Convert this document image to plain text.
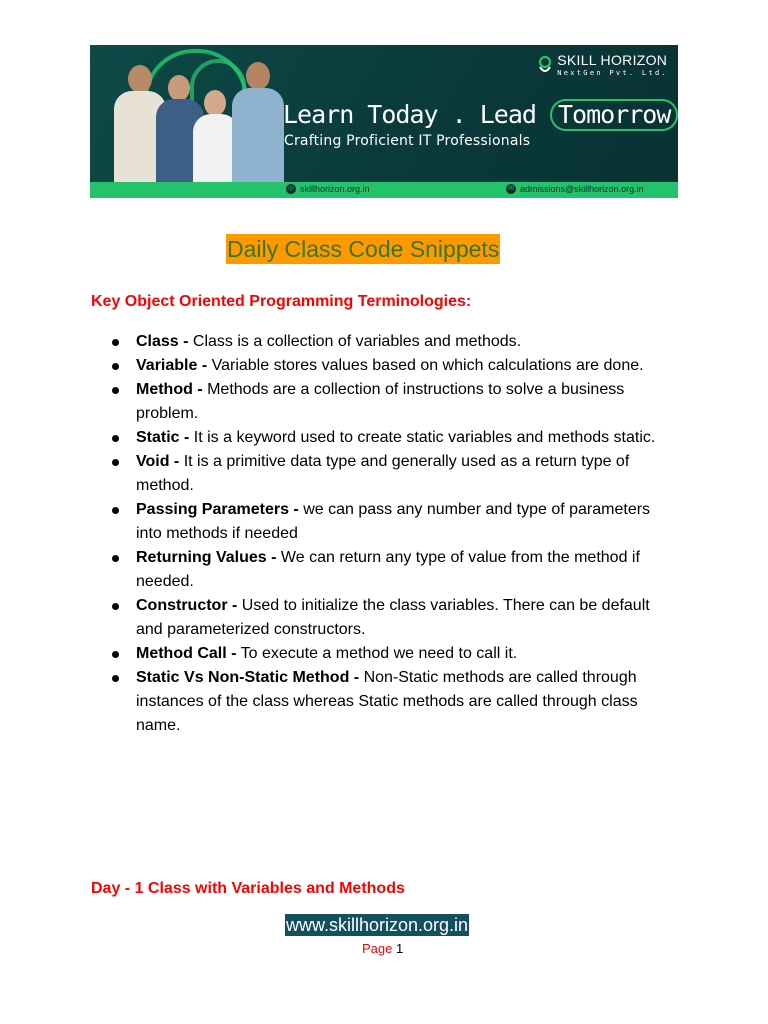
SKILL HORIZON
NextGen Pvt. Ltd.
Learn Today . Lead Tomorrow
Crafting Proficient IT Professionals
◎ skillhorizon.org.in	✉ admissions@skillhorizon.org.in
Daily Class Code Snippets
Key Object Oriented Programming Terminologies:
Class - Class is a collection of variables and methods.
Variable - Variable stores values based on which calculations are done.
Method - Methods are a collection of instructions to solve a business problem.
Static - It is a keyword used to create static variables and methods static.
Void - It is a primitive data type and generally used as a return type of method.
Passing Parameters - we can pass any number and type of parameters into methods if needed
Returning Values - We can return any type of value from the method if needed.
Constructor - Used to initialize the class variables. There can be default and parameterized constructors.
Method Call - To execute a method we need to call it.
Static Vs Non-Static Method - Non-Static methods are called through instances of the class whereas Static methods are called through class name.
Day - 1 Class with Variables and Methods
www.skillhorizon.org.in
Page 1
